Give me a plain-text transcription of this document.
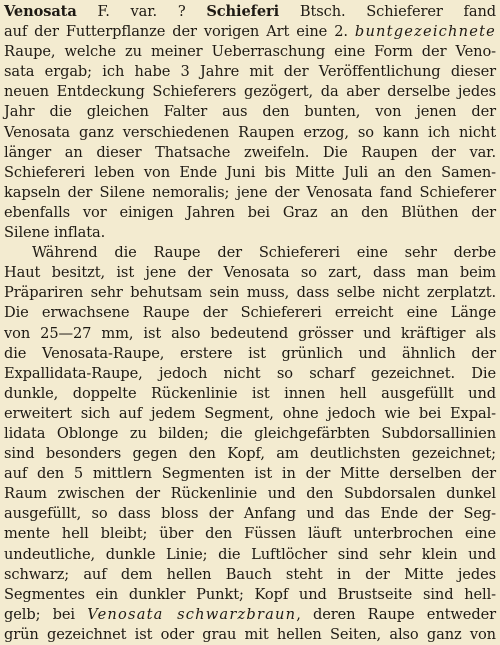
Venosata F. var. ? Schieferi Btsch. Schieferer fand
auf der Futterpflanze der vorigen Art eine 2. buntgezeichnete
Raupe, welche zu meiner Ueberraschung eine Form der Veno-
sata ergab; ich habe 3 Jahre mit der Veröffentlichung dieser
neuen Entdeckung Schieferers gezögert, da aber derselbe jedes
Jahr die gleichen Falter aus den bunten, von jenen der
Venosata ganz verschiedenen Raupen erzog, so kann ich nicht
länger an dieser Thatsache zweifeln. Die Raupen der var.
Schiefereri leben von Ende Juni bis Mitte Juli an den Samen-
kapseln der Silene nemoralis; jene der Venosata fand Schieferer
ebenfalls vor einigen Jahren bei Graz an den Blüthen der
Silene inflata.
Während die Raupe der Schiefereri eine sehr derbe
Haut besitzt, ist jene der Venosata so zart, dass man beim
Präpariren sehr behutsam sein muss, dass selbe nicht zerplatzt.
Die erwachsene Raupe der Schiefereri erreicht eine Länge
von 25—27 mm, ist also bedeutend grösser und kräftiger als
die Venosata-Raupe, erstere ist grünlich und ähnlich der
Expallidata-Raupe, jedoch nicht so scharf gezeichnet. Die
dunkle, doppelte Rückenlinie ist innen hell ausgefüllt und
erweitert sich auf jedem Segment, ohne jedoch wie bei Expal-
lidata Oblonge zu bilden; die gleichgefärbten Subdorsallinien
sind besonders gegen den Kopf, am deutlichsten gezeichnet;
auf den 5 mittlern Segmenten ist in der Mitte derselben der
Raum zwischen der Rückenlinie und den Subdorsalen dunkel
ausgefüllt, so dass bloss der Anfang und das Ende der Seg-
mente hell bleibt; über den Füssen läuft unterbrochen eine
undeutliche, dunkle Linie; die Luftlöcher sind sehr klein und
schwarz; auf dem hellen Bauch steht in der Mitte jedes
Segmentes ein dunkler Punkt; Kopf und Brustseite sind hell-
gelb; bei Venosata schwarzbraun, deren Raupe entweder
grün gezeichnet ist oder grau mit hellen Seiten, also ganz von
